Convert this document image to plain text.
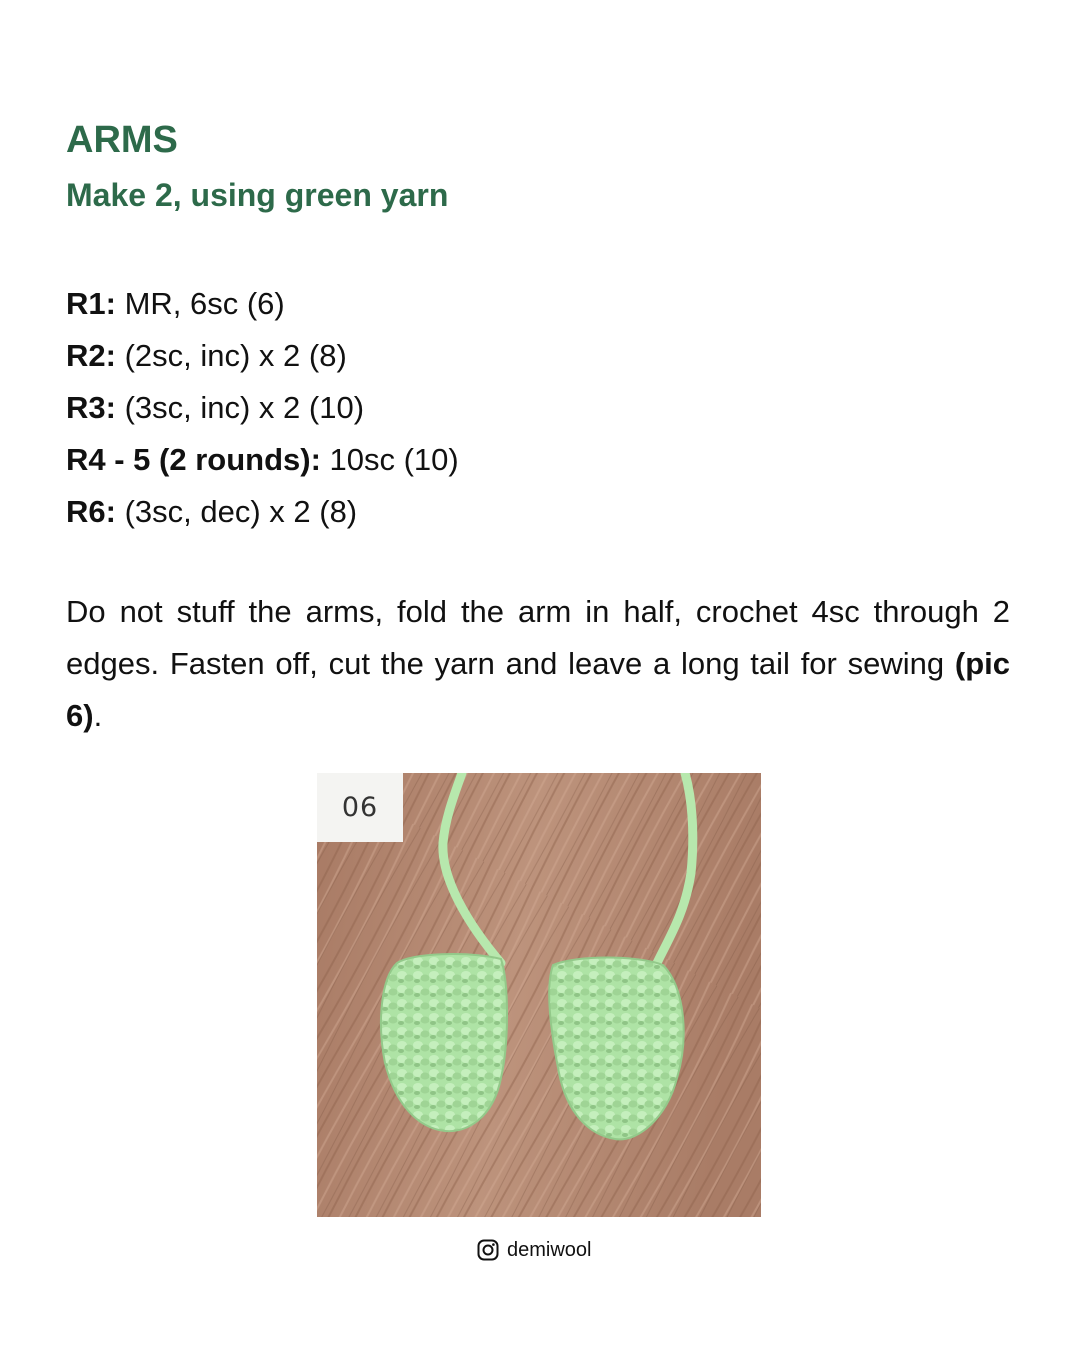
ARMS
Make 2, using green yarn
R1: MR, 6sc (6)
R2: (2sc, inc) x 2 (8)
R3: (3sc, inc) x 2 (10)
R4 - 5 (2 rounds): 10sc (10)
R6: (3sc, dec) x 2 (8)

Do not stuff the arms, fold the arm in half, crochet 4sc through 2 edges. Fasten off, cut the yarn and leave a long tail for sewing (pic 6).

06
demiwool
